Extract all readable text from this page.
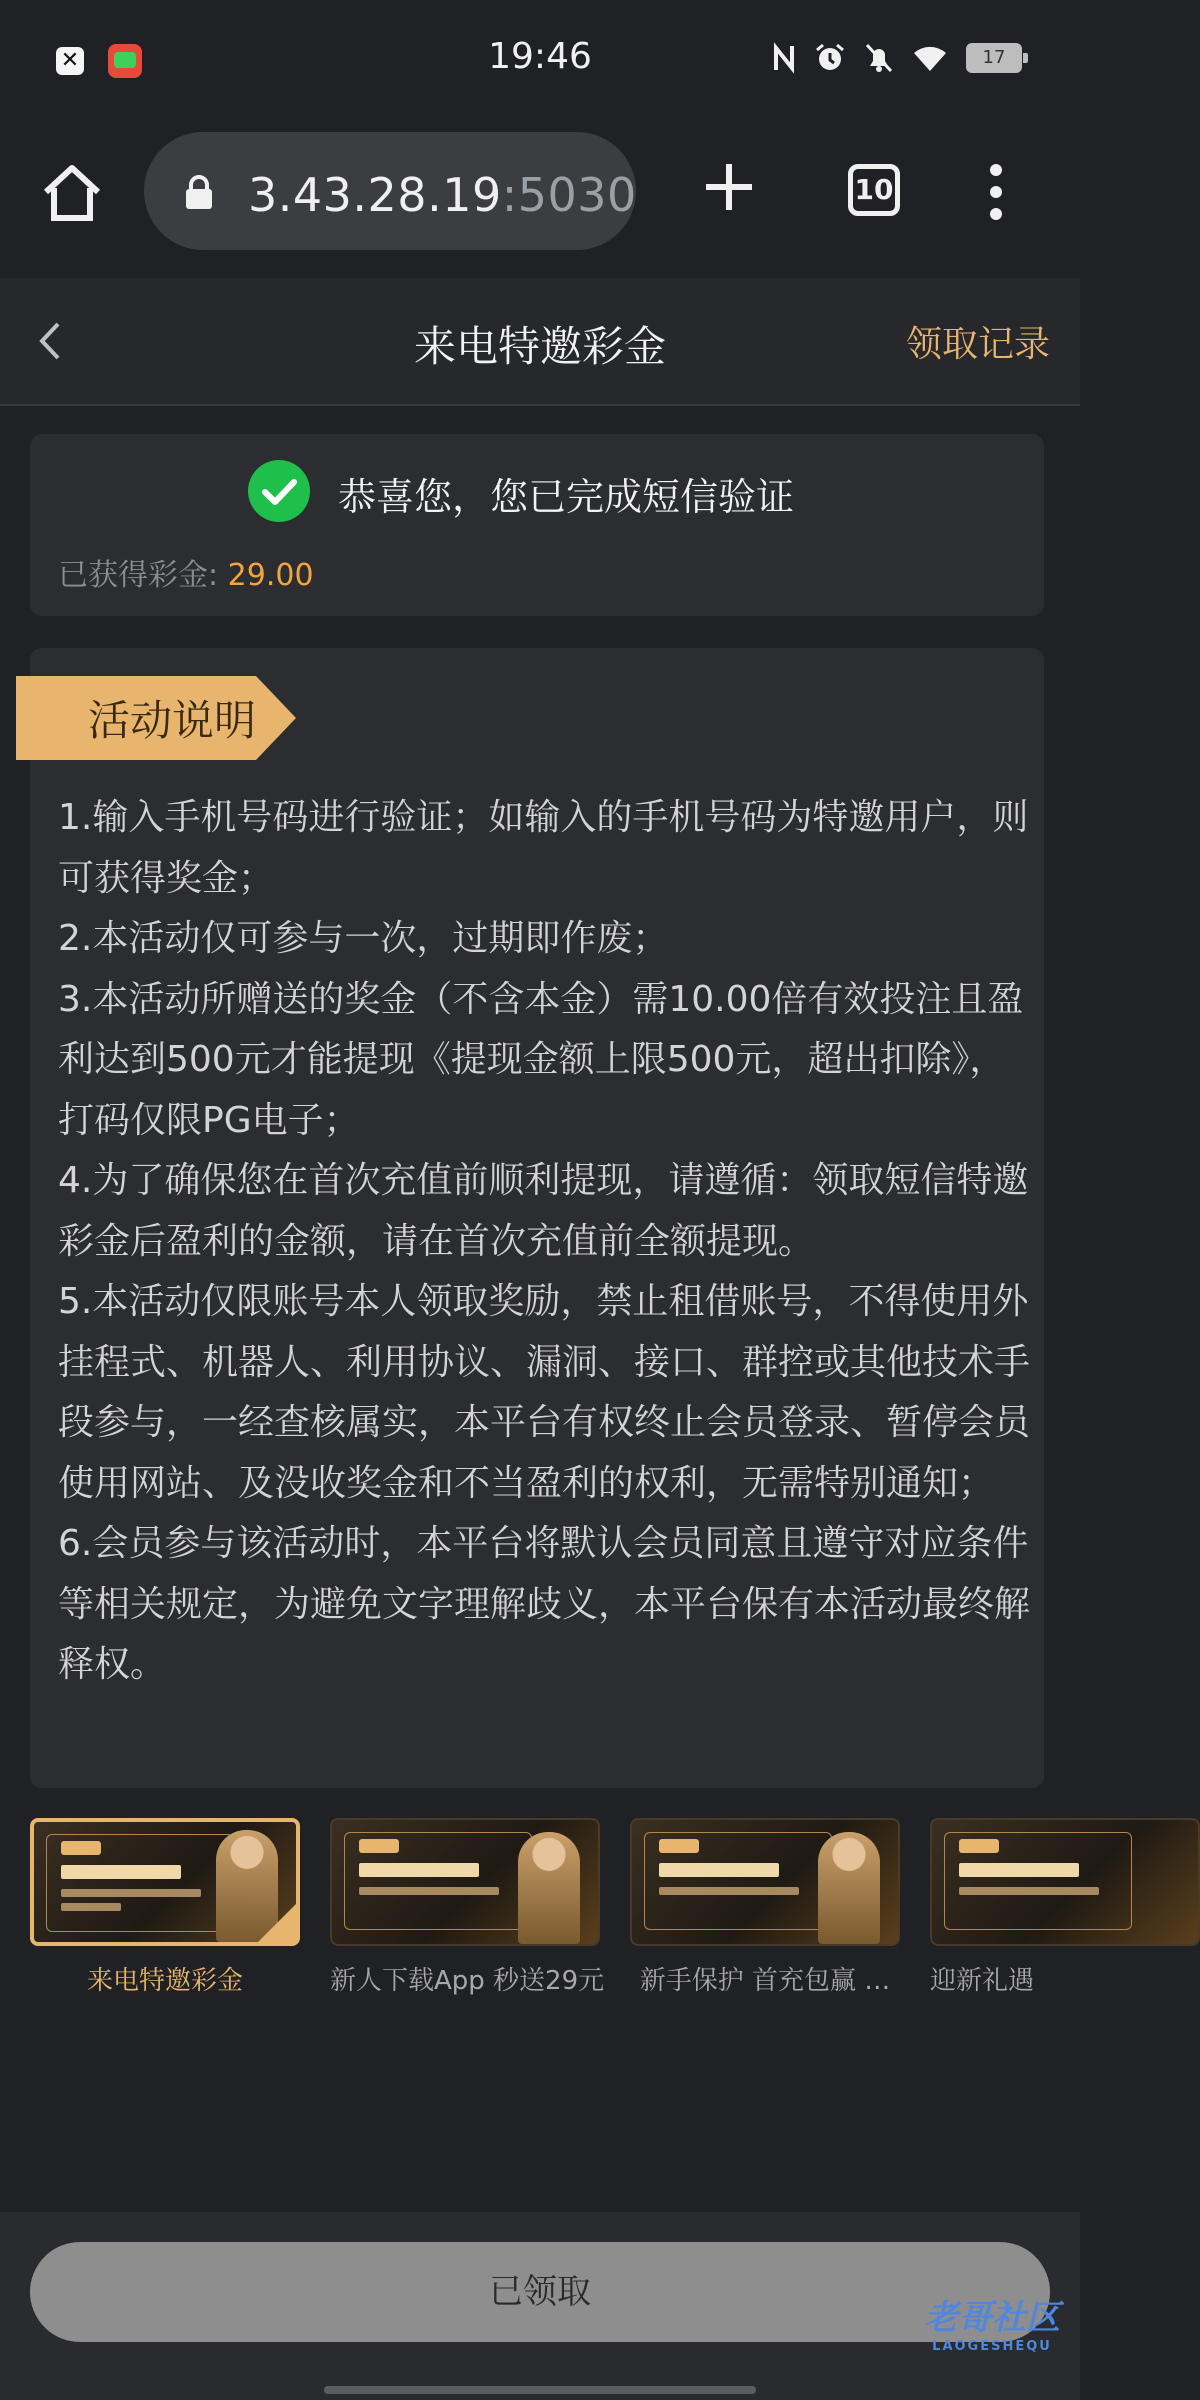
✕	19:46	17
3.43.28.19:5030	10
来电特邀彩金	领取记录
恭喜您，您已完成短信验证
已获得彩金: 29.00
活动说明
1.输入手机号码进行验证；如输入的手机号码为特邀用户，则可获得奖金；
2.本活动仅可参与一次，过期即作废；
3.本活动所赠送的奖金（不含本金）需10.00倍有效投注且盈利达到500元才能提现《提现金额上限500元，超出扣除》，打码仅限PG电子；
4.为了确保您在首次充值前顺利提现，请遵循：领取短信特邀彩金后盈利的金额，请在首次充值前全额提现。
5.本活动仅限账号本人领取奖励，禁止租借账号，不得使用外挂程式、机器人、利用协议、漏洞、接口、群控或其他技术手段参与，一经查核属实，本平台有权终止会员登录、暂停会员使用网站、及没收奖金和不当盈利的权利，无需特别通知；
6.会员参与该活动时，本平台将默认会员同意且遵守对应条件等相关规定，为避免文字理解歧义，本平台保有本活动最终解释权。
✓
来电特邀彩金	新人下载App 秒送29元	新手保护 首充包赢 …	迎新礼遇
已领取
老哥社区
LAOGESHEQU
